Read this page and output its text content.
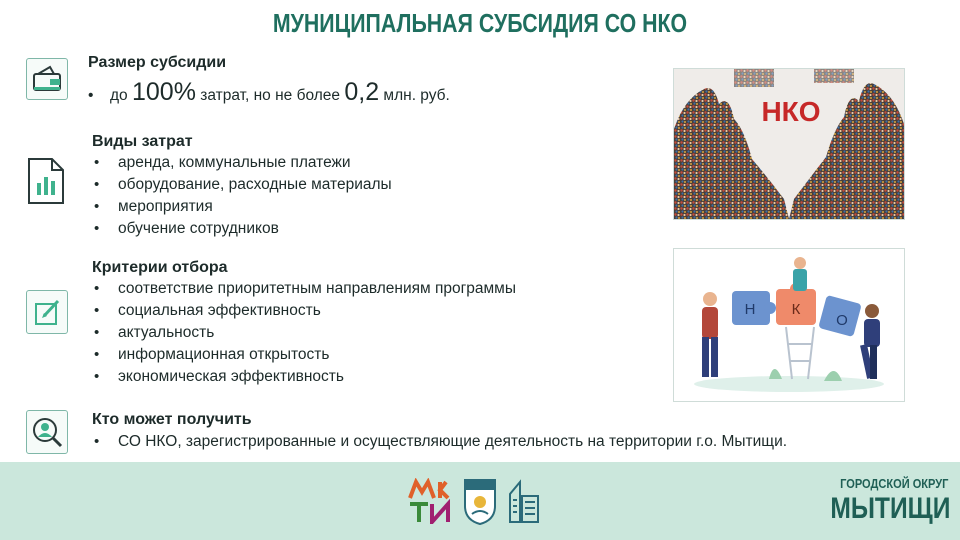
МУНИЦИПАЛЬНАЯ СУБСИДИЯ СО НКО
Размер субсидии
• до 100% затрат, но не более 0,2 млн. руб.
Виды затрат
• аренда, коммунальные платежи
• оборудование, расходные материалы
• мероприятия
• обучение сотрудников
Критерии отбора
• соответствие приоритетным направлениям программы
• социальная эффективность
• актуальность
• информационная открытость
• экономическая эффективность
Кто может получить
• СО НКО, зарегистрированные и осуществляющие деятельность на территории г.о. Мытищи.
НКО
Н К
О
ГОРОДСКОЙ ОКРУГ
МЫТИЩИ
